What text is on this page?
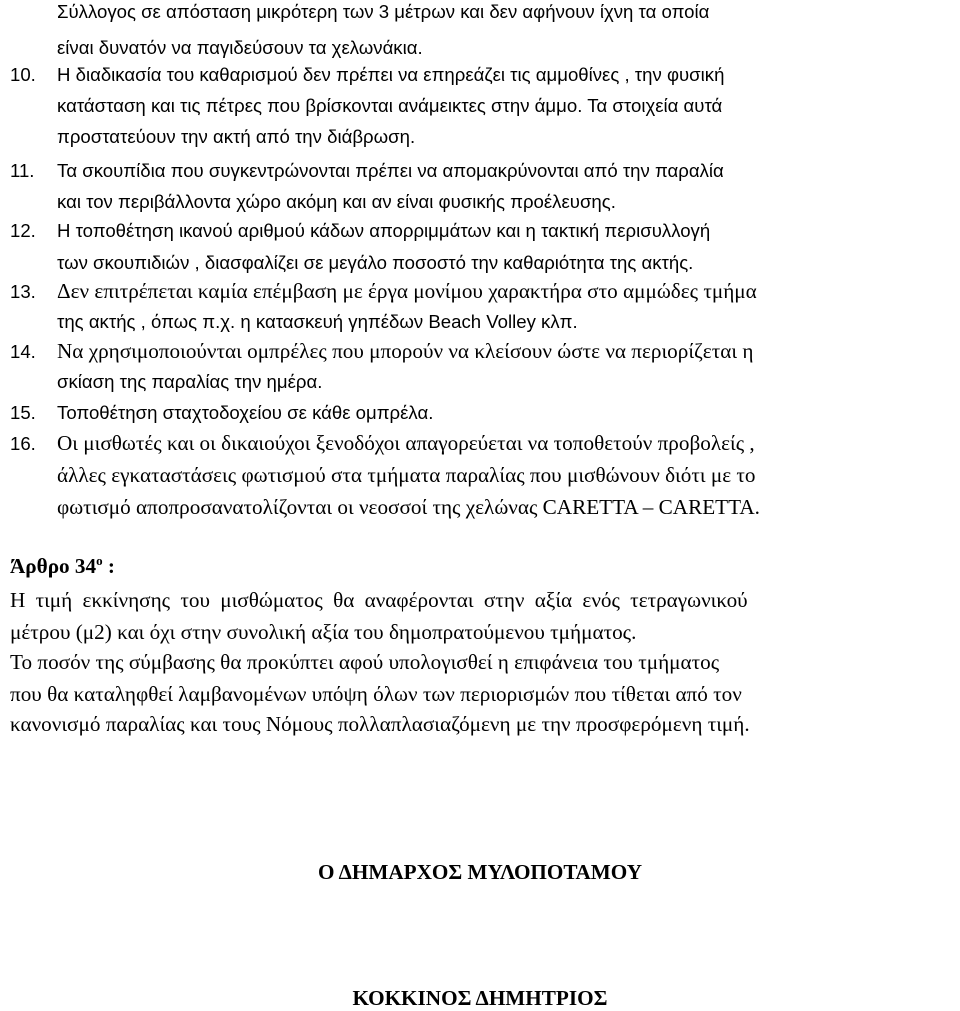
Σύλλογος σε απόσταση μικρότερη των 3 μέτρων και δεν αφήνουν ίχνη τα οποία
είναι δυνατόν να παγιδεύσουν τα χελωνάκια.
10. Η διαδικασία του καθαρισμού δεν πρέπει να επηρεάζει τις αμμοθίνες , την φυσική
κατάσταση και τις πέτρες που βρίσκονται ανάμεικτες στην άμμο. Τα στοιχεία αυτά
προστατεύουν την ακτή από την διάβρωση.
11. Τα σκουπίδια που συγκεντρώνονται πρέπει να απομακρύνονται από την παραλία
και τον περιβάλλοντα χώρο ακόμη και αν είναι φυσικής προέλευσης.
12. Η τοποθέτηση ικανού αριθμού κάδων απορριμμάτων και η τακτική περισυλλογή
των σκουπιδιών , διασφαλίζει σε μεγάλο ποσοστό την καθαριότητα της ακτής.
13. Δεν επιτρέπεται καμία επέμβαση με έργα μονίμου χαρακτήρα στο αμμώδες τμήμα
της ακτής , όπως π.χ. η κατασκευή γηπέδων Beach Volley κλπ.
14. Να χρησιμοποιούνται ομπρέλες που μπορούν να κλείσουν ώστε να περιορίζεται η
σκίαση της παραλίας την ημέρα.
15. Τοποθέτηση σταχτοδοχείου σε κάθε ομπρέλα.
16. Οι μισθωτές και οι δικαιούχοι ξενοδόχοι απαγορεύεται να τοποθετούν προβολείς ,
άλλες εγκαταστάσεις φωτισμού στα τμήματα παραλίας που μισθώνουν διότι με το
φωτισμό αποπροσανατολίζονται οι νεοσσοί της χελώνας CARETTA – CARETTA.
Άρθρο $34^o$ :
Η τιμή εκκίνησης του μισθώματος θα αναφέρονται στην αξία ενός τετραγωνικού
μέτρου (μ2) και όχι στην συνολική αξία του δημοπρατούμενου τμήματος.
Το ποσόν της σύμβασης θα προκύπτει αφού υπολογισθεί η επιφάνεια του τμήματος
που θα καταληφθεί λαμβανομένων υπόψη όλων των περιορισμών που τίθεται από τον
κανονισμό παραλίας και τους Νόμους πολλαπλασιαζόμενη με την προσφερόμενη τιμή.
Ο ΔΗΜΑΡΧΟΣ ΜΥΛΟΠΟΤΑΜΟΥ
ΚΟΚΚΙΝΟΣ ΔΗΜΗΤΡΙΟΣ
